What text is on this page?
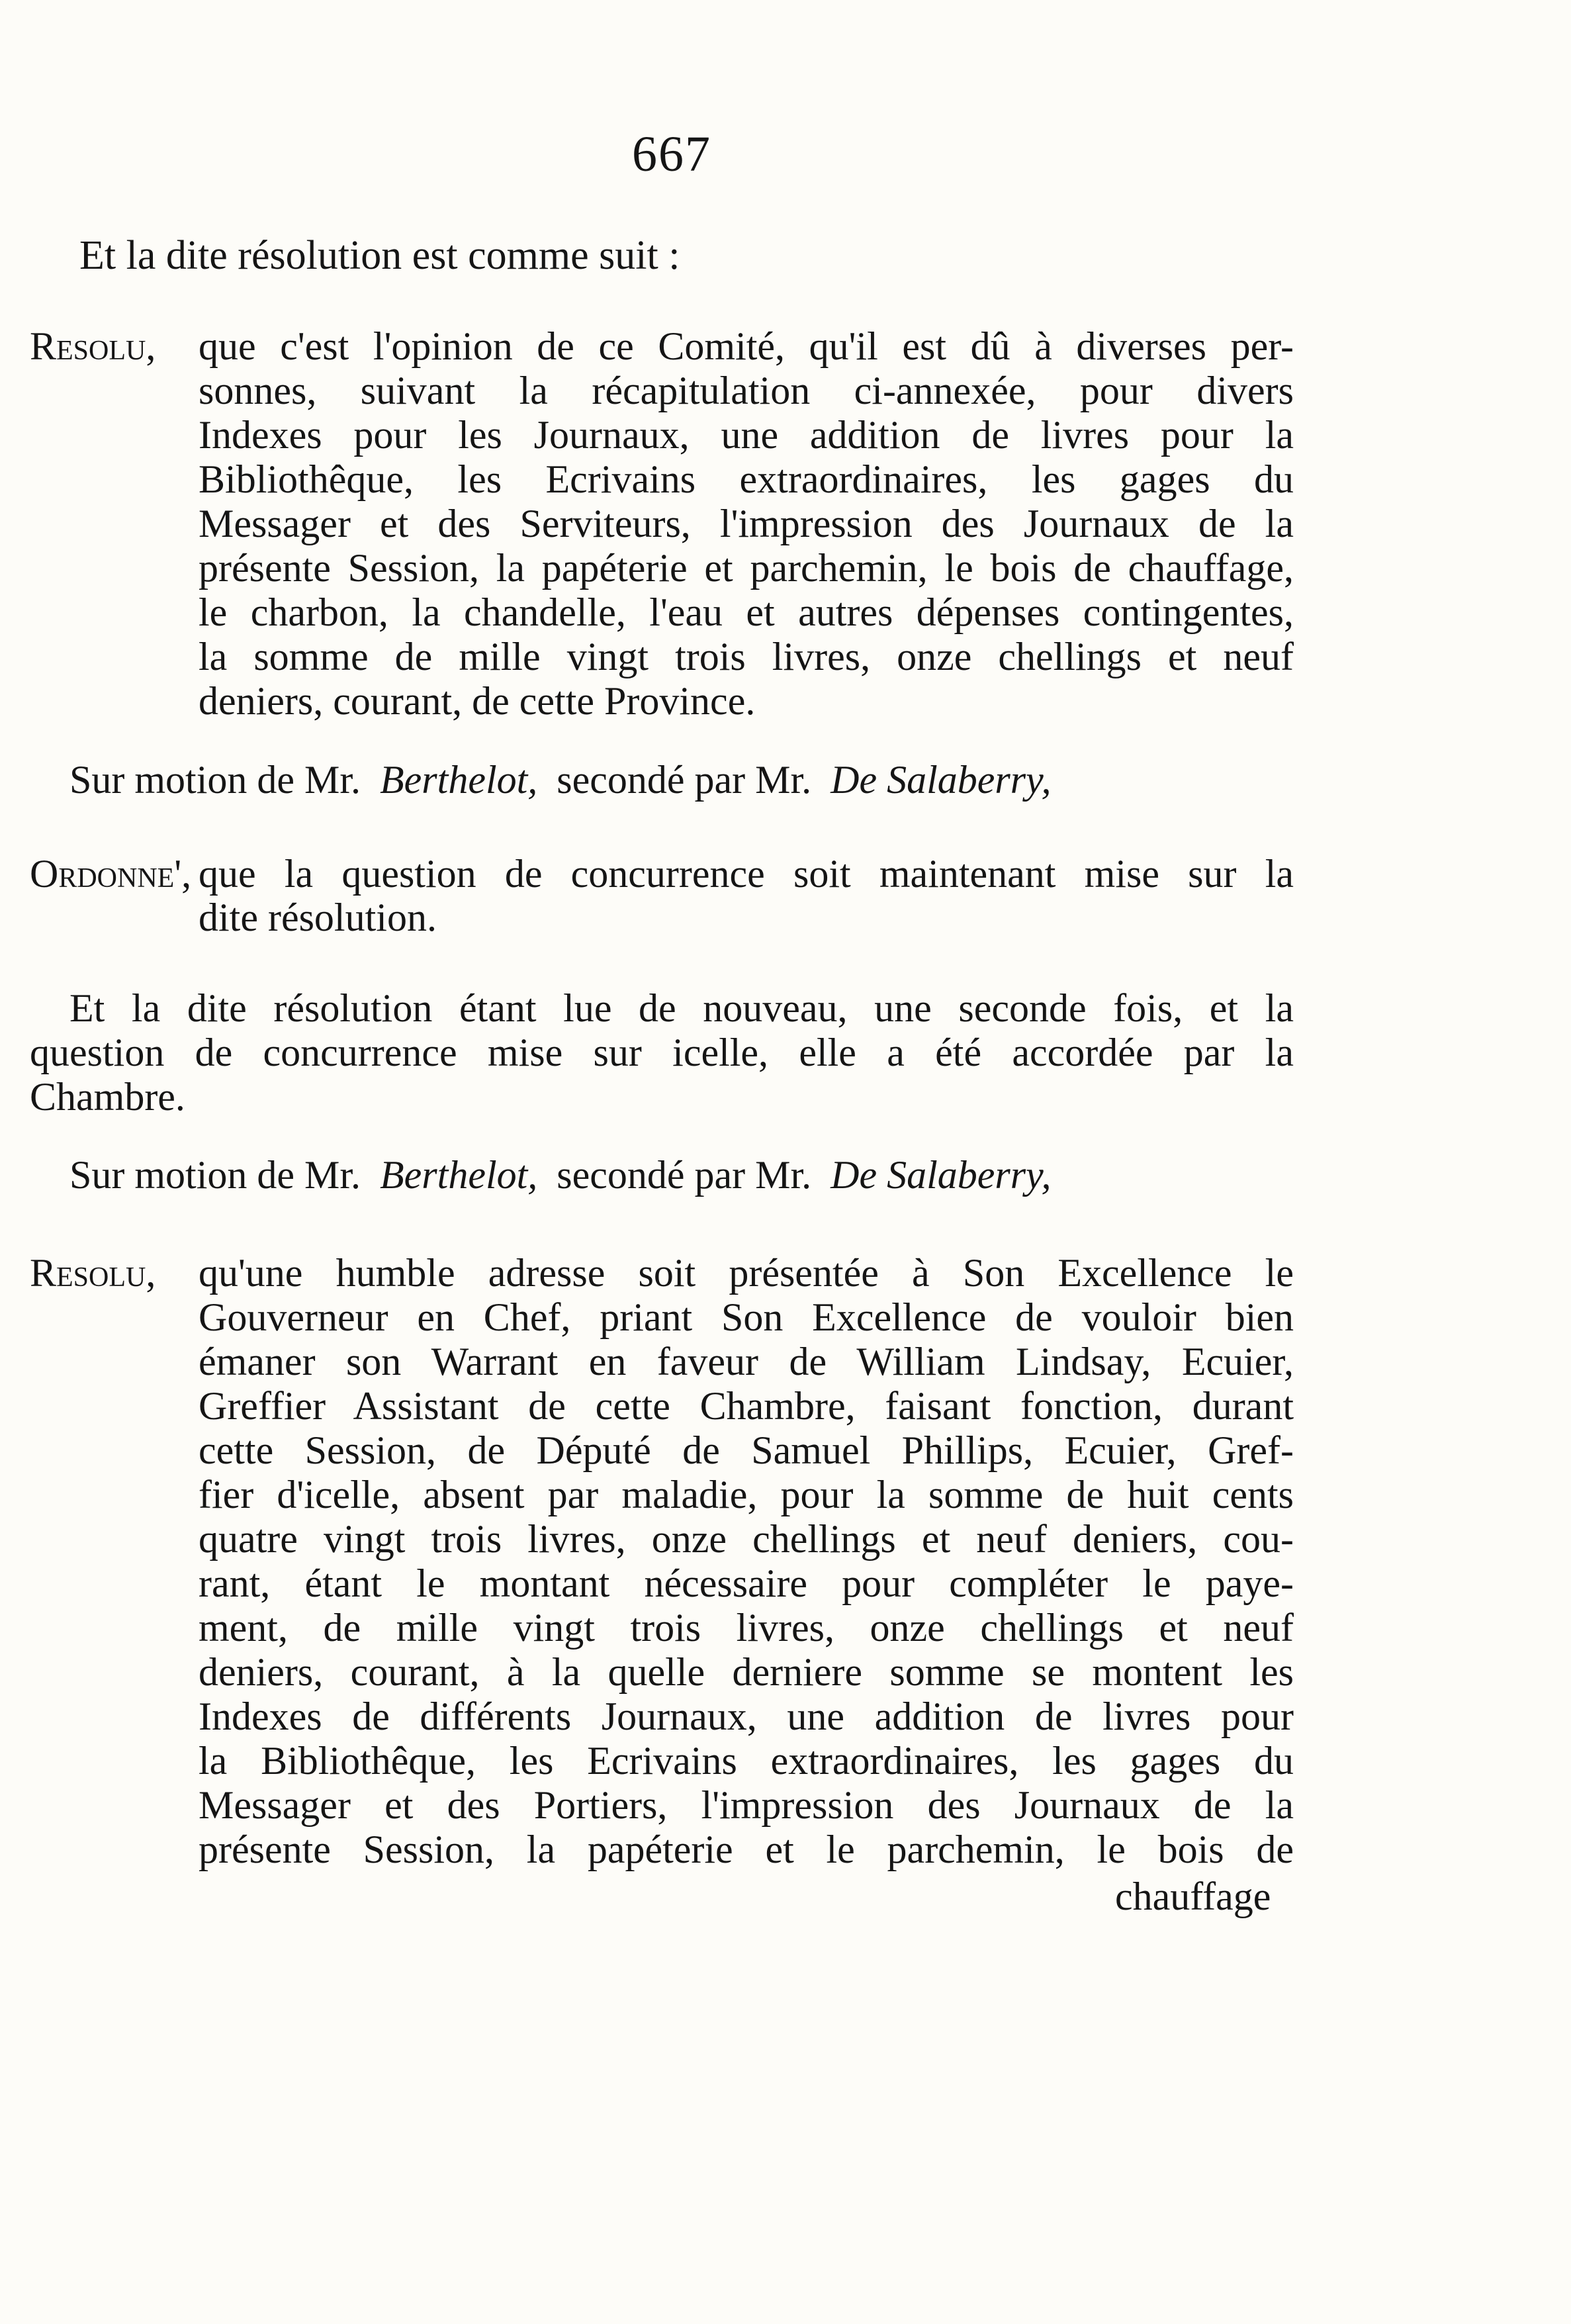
667
Et la dite résolution est comme suit :
Resolu, que c'est l'opinion de ce Comité, qu'il est dû à diverses per-
sonnes, suivant la récapitulation ci-annexée, pour divers
Indexes pour les Journaux, une addition de livres pour la
Bibliothêque, les Ecrivains extraordinaires, les gages du
Messager et des Serviteurs, l'impression des Journaux de la
présente Session, la papéterie et parchemin, le bois de chauffage,
le charbon, la chandelle, l'eau et autres dépenses contingentes,
la somme de mille vingt trois livres, onze chellings et neuf
deniers, courant, de cette Province.
Sur motion de Mr. Berthelot, secondé par Mr. De Salaberry,
Ordonne', que la question de concurrence soit maintenant mise sur la
dite résolution.
Et la dite résolution étant lue de nouveau, une seconde fois, et la
question de concurrence mise sur icelle, elle a été accordée par la
Chambre.
Sur motion de Mr. Berthelot, secondé par Mr. De Salaberry,
Resolu, qu'une humble adresse soit présentée à Son Excellence le
Gouverneur en Chef, priant Son Excellence de vouloir bien
émaner son Warrant en faveur de William Lindsay, Ecuier,
Greffier Assistant de cette Chambre, faisant fonction, durant
cette Session, de Député de Samuel Phillips, Ecuier, Gref-
fier d'icelle, absent par maladie, pour la somme de huit cents
quatre vingt trois livres, onze chellings et neuf deniers, cou-
rant, étant le montant nécessaire pour compléter le paye-
ment, de mille vingt trois livres, onze chellings et neuf
deniers, courant, à la quelle derniere somme se montent les
Indexes de différents Journaux, une addition de livres pour
la Bibliothêque, les Ecrivains extraordinaires, les gages du
Messager et des Portiers, l'impression des Journaux de la
présente Session, la papéterie et le parchemin, le bois de
chauffage
